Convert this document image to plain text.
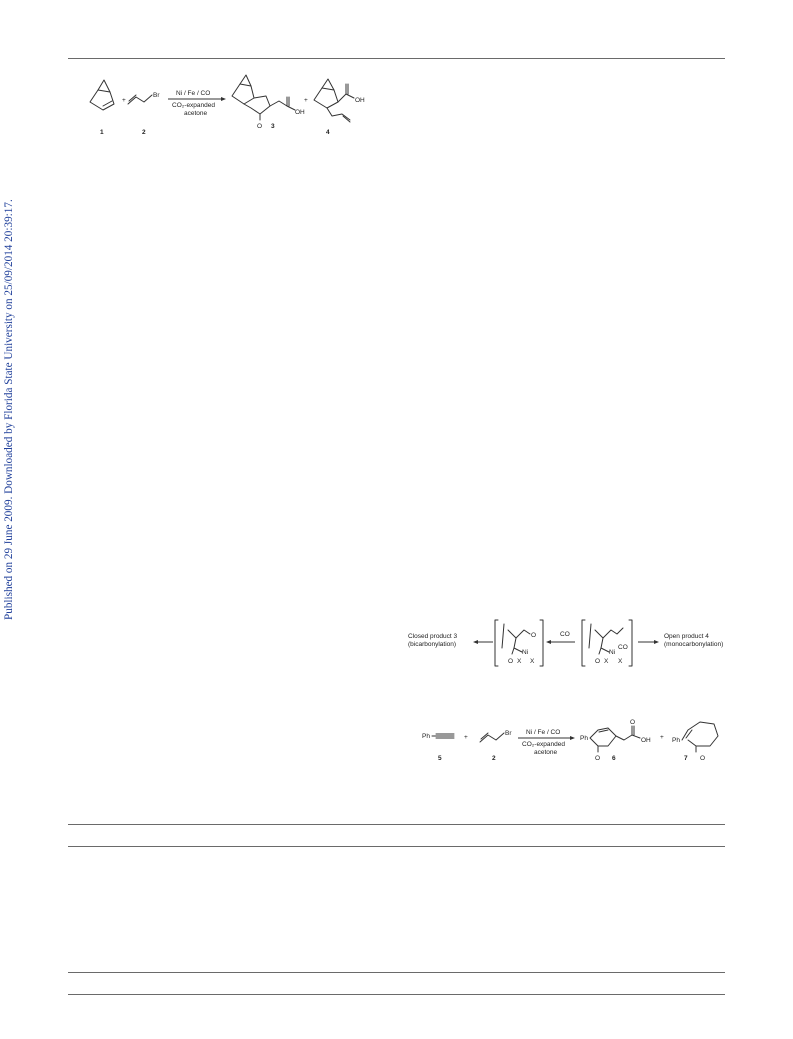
Published on 29 June 2009. Downloaded by Florida State University on 25/09/2014 20:39:17.
1
+
Br
2
Ni / Fe / CO
CO₂-expanded
acetone
O
OH
3
+	OH
4
Closed product 3
(bicarbonylation)
Ni
O
O X X
CO
Ni
CO
O X X
Open product 4
(monocarbonylation)
Ph
5
+
Br
2
Ni / Fe / CO
CO₂-expanded
acetone
Ph
O
O
OH
6
+ Ph
O
7
